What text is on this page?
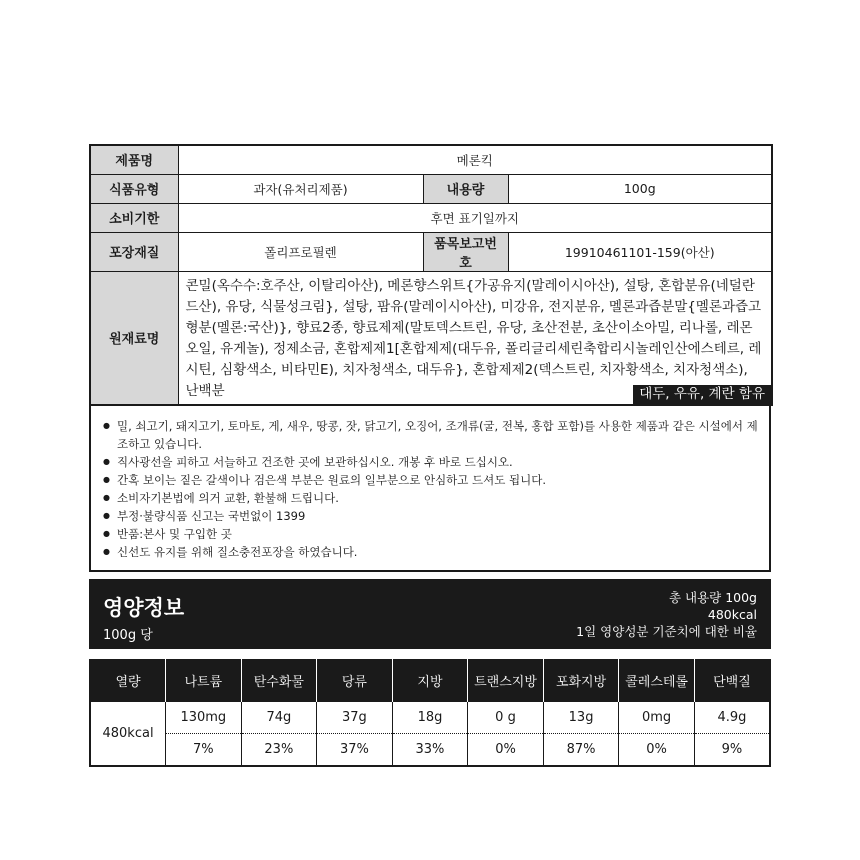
제품명	메론킥		
식품유형	과자(유처리제품)	내용량	100g
소비기한	후면 표기일까지		
포장재질	폴리프로필렌	품목보고번호	19910461101-159(아산)
원재료명	콘밀(옥수수:호주산, 이탈리아산), 메론향스위트{가공유지(말레이시아산), 설탕, 혼합분유(네덜란드산), 유당, 식물성크림}, 설탕, 팜유(말레이시아산), 미강유, 전지분유, 멜론과즙분말{멜론과즙고형분(멜론:국산)}, 향료2종, 향료제제(말토덱스트린, 유당, 초산전분, 초산이소아밀, 리나롤, 레몬오일, 유게놀), 정제소금, 혼합제제1[혼합제제(대두유, 폴리글리세린축합리시놀레인산에스테르, 레시틴, 심황색소, 비타민E), 치자청색소, 대두유}, 혼합제제2(덱스트린, 치자황색소, 치자청색소), 난백분 대두, 우유, 계란 함유		
● 밀, 쇠고기, 돼지고기, 토마토, 게, 새우, 땅콩, 잣, 닭고기, 오징어, 조개류(굴, 전복, 홍합 포함)를 사용한 제품과 같은 시설에서 제조하고 있습니다.
● 직사광선을 피하고 서늘하고 건조한 곳에 보관하십시오. 개봉 후 바로 드십시오.
● 간혹 보이는 짙은 갈색이나 검은색 부분은 원료의 일부분으로 안심하고 드셔도 됩니다.
● 소비자기본법에 의거 교환, 환불해 드립니다.
● 부정·불량식품 신고는 국번없이 1399
● 반품:본사 및 구입한 곳
● 신선도 유지를 위해 질소충전포장을 하였습니다.
영양정보
100g 당
총 내용량 100g
480kcal
1일 영양성분 기준치에 대한 비율
열량	나트륨	탄수화물	당류	지방	트랜스지방	포화지방	콜레스테롤	단백질
480kcal	130mg	74g	37g	18g	0 g	13g	0mg	4.9g
	7%	23%	37%	33%	0%	87%	0%	9%
